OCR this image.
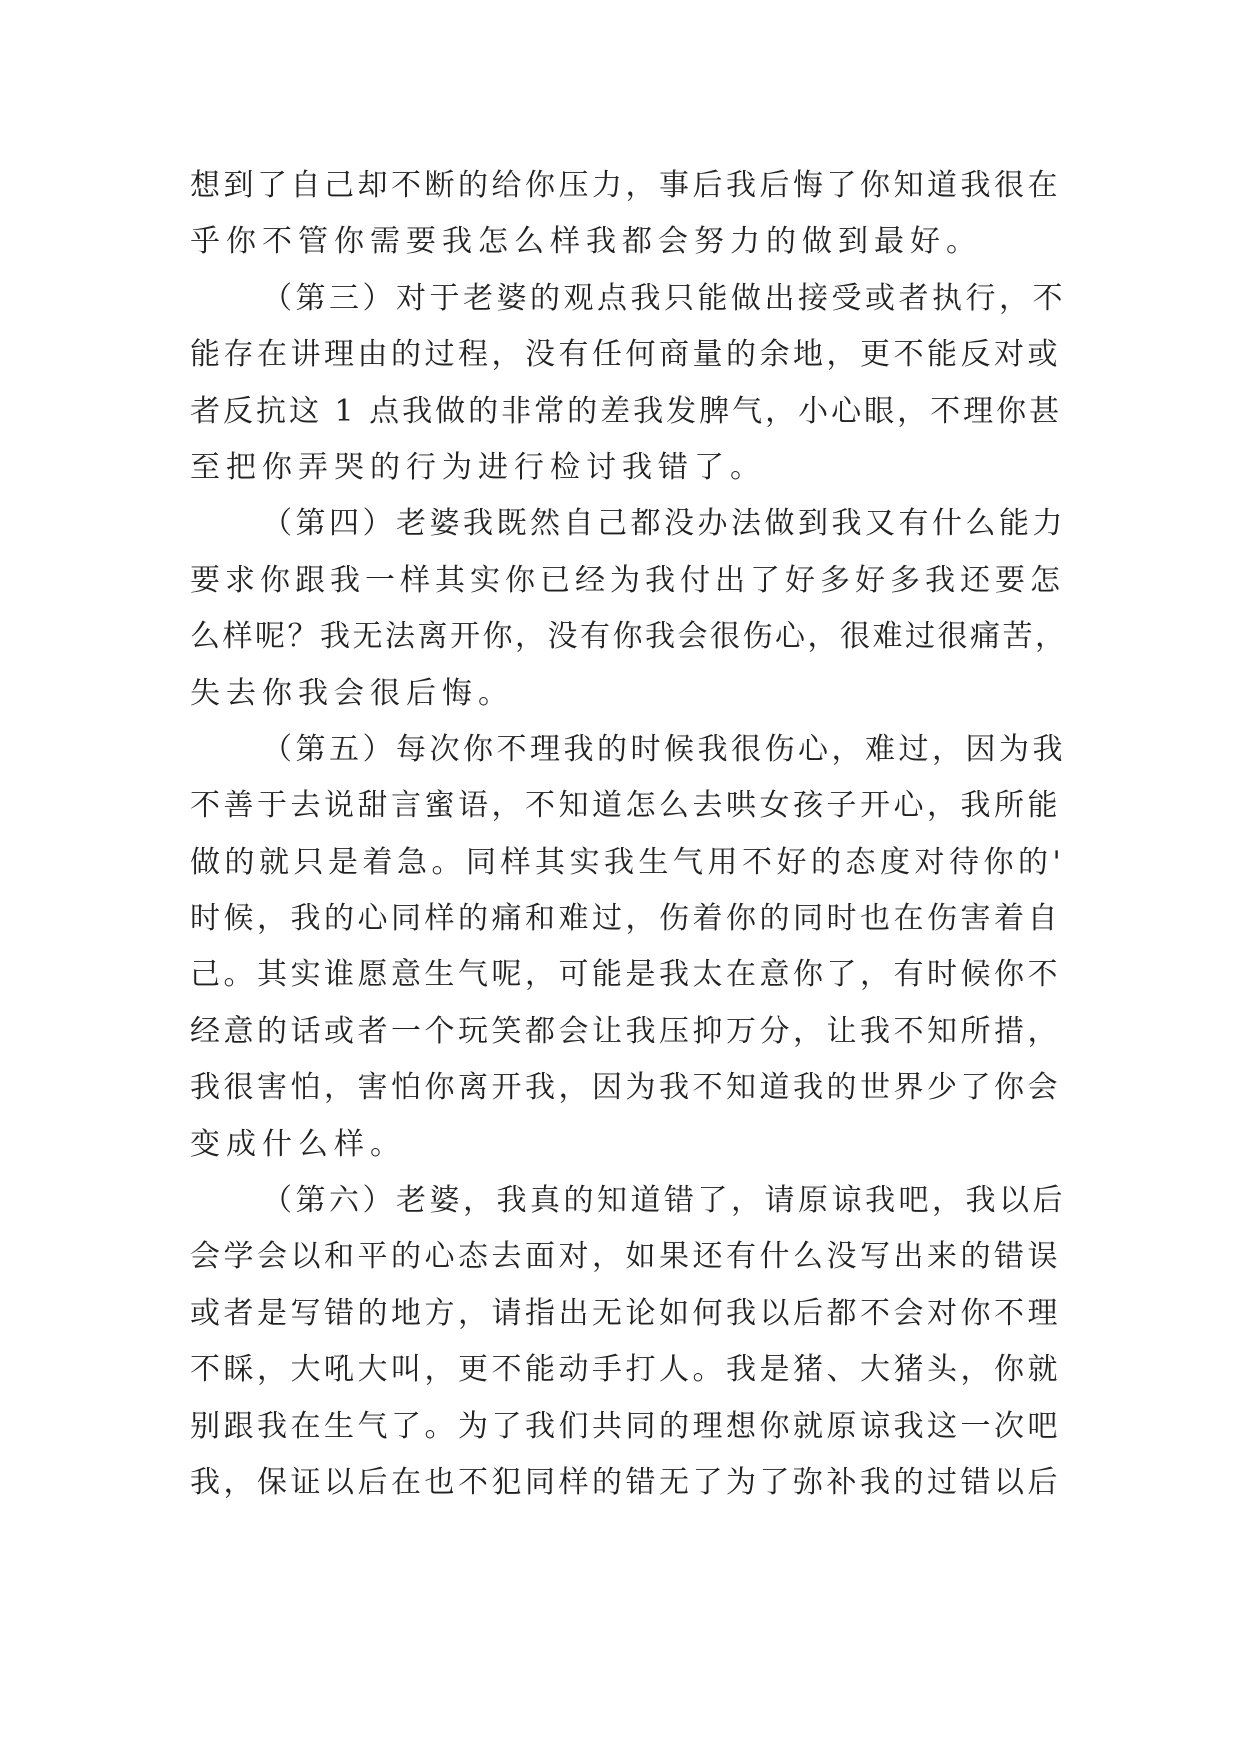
想到了自己却不断的给你压力，事后我后悔了你知道我很在
乎你不管你需要我怎么样我都会努力的做到最好。
（第三）对于老婆的观点我只能做出接受或者执行，不
能存在讲理由的过程，没有任何商量的余地，更不能反对或
者反抗这 1 点我做的非常的差我发脾气，小心眼，不理你甚
至把你弄哭的行为进行检讨我错了。
（第四）老婆我既然自己都没办法做到我又有什么能力
要求你跟我一样其实你已经为我付出了好多好多我还要怎
么样呢？我无法离开你，没有你我会很伤心，很难过很痛苦，
失去你我会很后悔。
（第五）每次你不理我的时候我很伤心，难过，因为我
不善于去说甜言蜜语，不知道怎么去哄女孩子开心，我所能
做的就只是着急。同样其实我生气用不好的态度对待你的'
时候，我的心同样的痛和难过，伤着你的同时也在伤害着自
己。其实谁愿意生气呢，可能是我太在意你了，有时候你不
经意的话或者一个玩笑都会让我压抑万分，让我不知所措，
我很害怕，害怕你离开我，因为我不知道我的世界少了你会
变成什么样。
（第六）老婆，我真的知道错了，请原谅我吧，我以后
会学会以和平的心态去面对，如果还有什么没写出来的错误
或者是写错的地方，请指出无论如何我以后都不会对你不理
不睬，大吼大叫，更不能动手打人。我是猪、大猪头，你就
别跟我在生气了。为了我们共同的理想你就原谅我这一次吧
我，保证以后在也不犯同样的错无了为了弥补我的过错以后
